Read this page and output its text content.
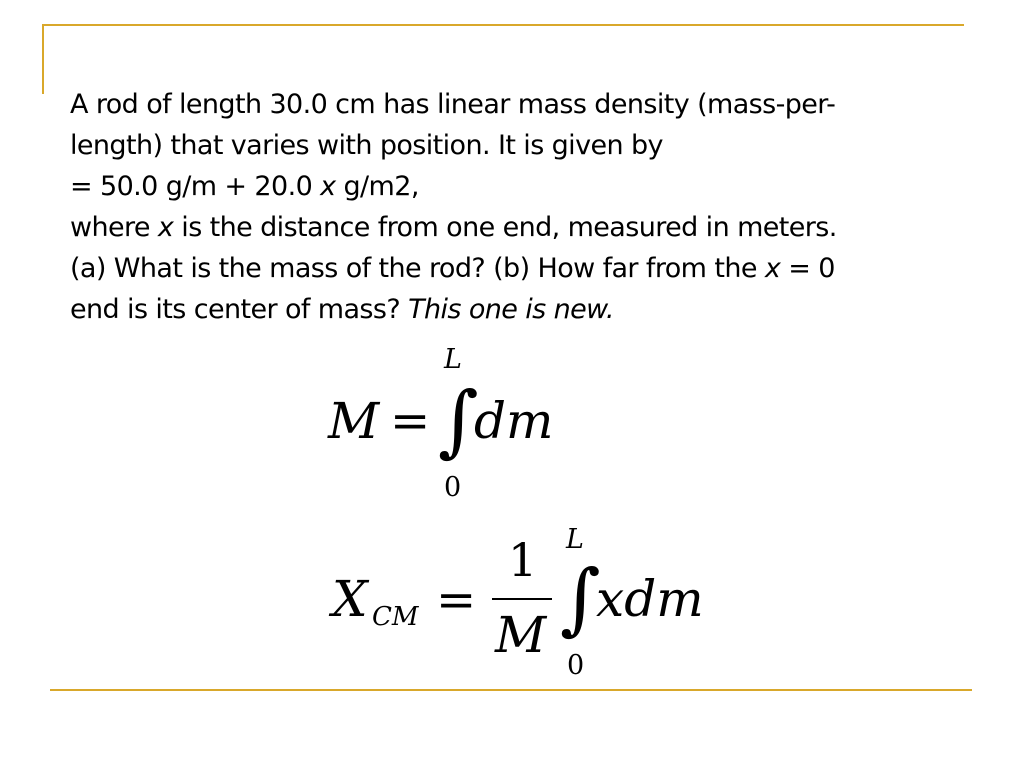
A rod of length 30.0 cm has linear mass density (mass-per-
length) that varies with position. It is given by
= 50.0 g/m + 20.0 x g/m2,
where x is the distance from one end, measured in meters.
(a) What is the mass of the rod? (b) How far from the x = 0
end is its center of mass? This one is new.

M = ∫
L
0
dm
X CM =
1
M ∫
L
0
xdm
